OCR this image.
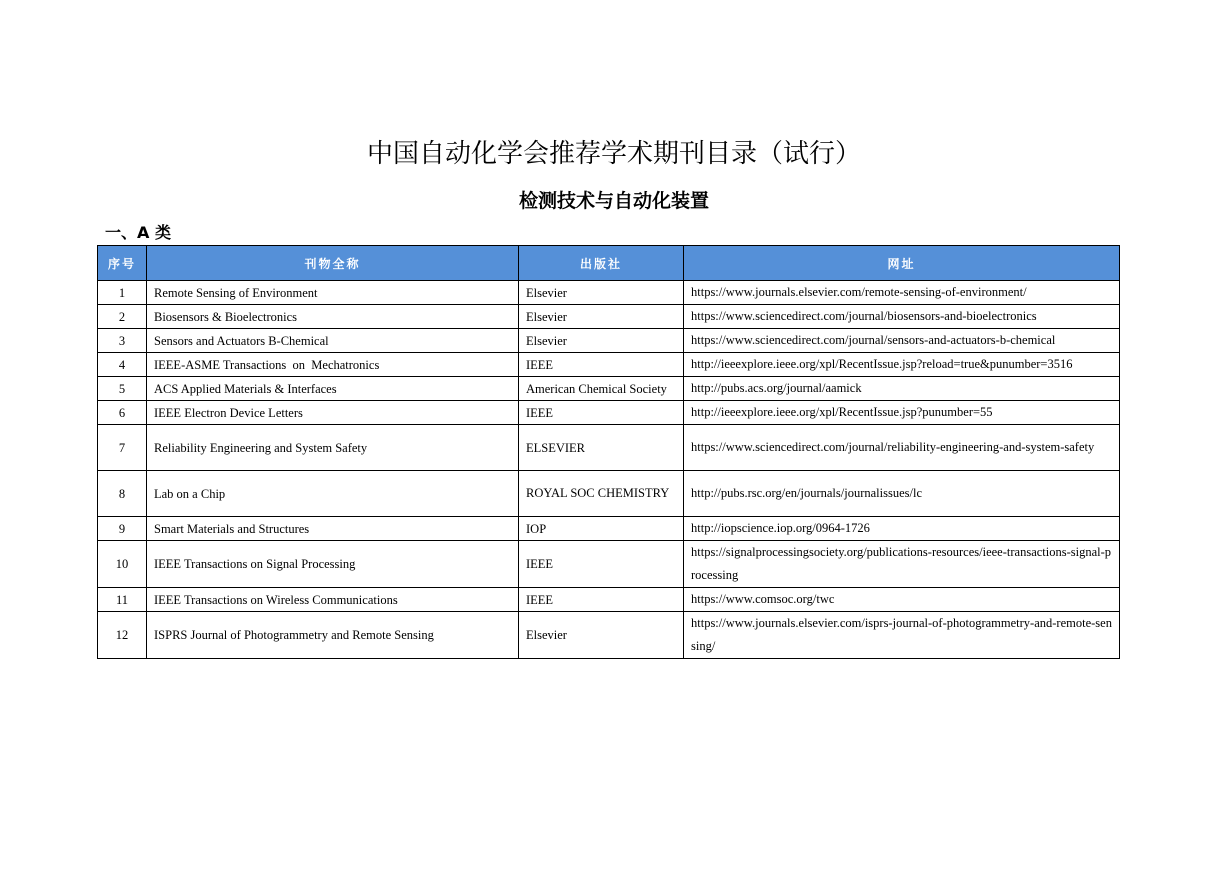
中国自动化学会推荐学术期刊目录（试行）
检测技术与自动化装置
一、A 类
序号	刊物全称	出版社	网址
1	Remote Sensing of Environment	Elsevier	https://www.journals.elsevier.com/remote-sensing-of-environment/
2	Biosensors & Bioelectronics	Elsevier	https://www.sciencedirect.com/journal/biosensors-and-bioelectronics
3	Sensors and Actuators B-Chemical	Elsevier	https://www.sciencedirect.com/journal/sensors-and-actuators-b-chemical
4	IEEE-ASME Transactions  on  Mechatronics	IEEE	http://ieeexplore.ieee.org/xpl/RecentIssue.jsp?reload=true&punumber=3516
5	ACS Applied Materials & Interfaces	American Chemical Society	http://pubs.acs.org/journal/aamick
6	IEEE Electron Device Letters	IEEE	http://ieeexplore.ieee.org/xpl/RecentIssue.jsp?punumber=55
7	Reliability Engineering and System Safety	ELSEVIER	https://www.sciencedirect.com/journal/reliability-engineering-and-system-safety
8	Lab on a Chip	ROYAL SOC CHEMISTRY	http://pubs.rsc.org/en/journals/journalissues/lc
9	Smart Materials and Structures	IOP	http://iopscience.iop.org/0964-1726
10	IEEE Transactions on Signal Processing	IEEE	https://signalprocessingsociety.org/publications-resources/ieee-transactions-signal-processing
11	IEEE Transactions on Wireless Communications	IEEE	https://www.comsoc.org/twc
12	ISPRS Journal of Photogrammetry and Remote Sensing	Elsevier	https://www.journals.elsevier.com/isprs-journal-of-photogrammetry-and-remote-sensing/
